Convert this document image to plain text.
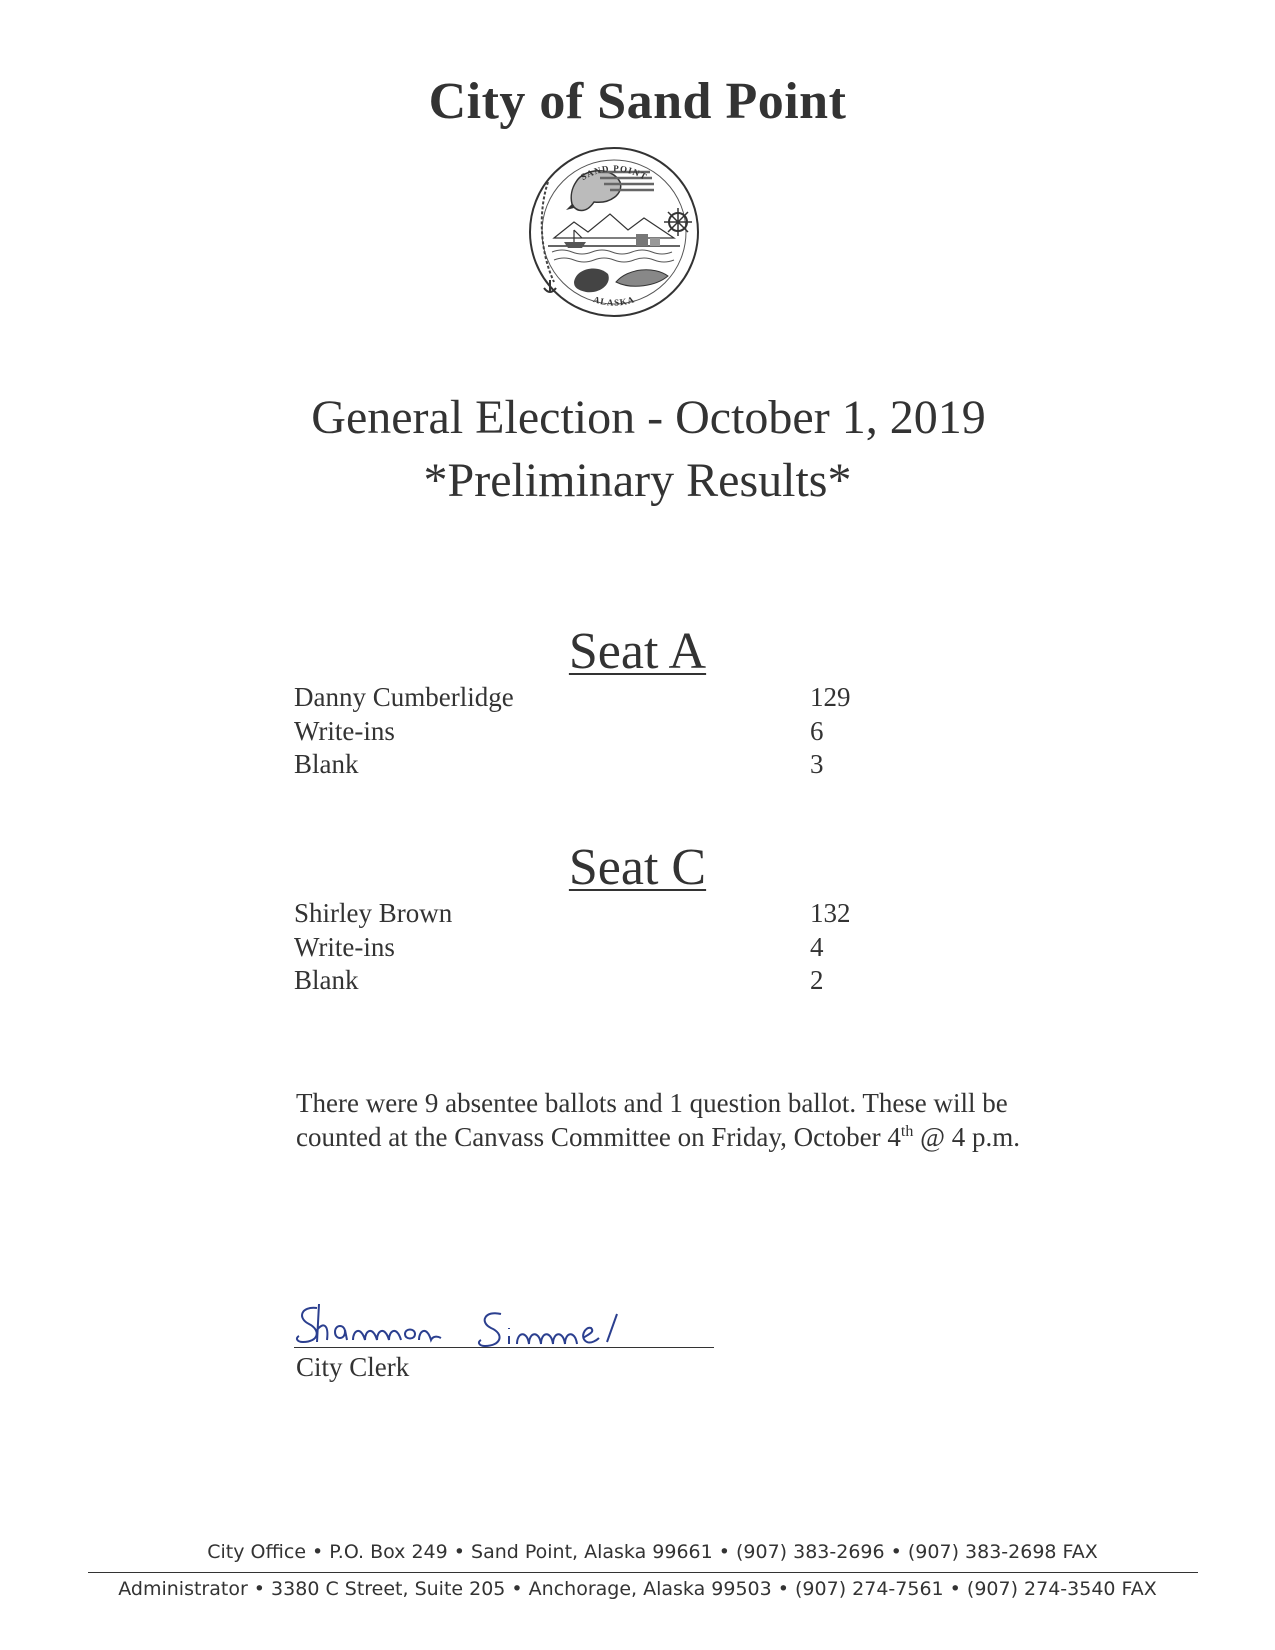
City of Sand Point
SAND POINT
ALASKA
General Election - October 1, 2019
*Preliminary Results*
Seat A
Danny Cumberlidge	129
Write-ins	6
Blank	3
Seat C
Shirley Brown	132
Write-ins	4
Blank	2
There were 9 absentee ballots and 1 question ballot. These will be
counted at the Canvass Committee on Friday, October 4th @ 4 p.m.
City Clerk
City Office • P.O. Box 249 • Sand Point, Alaska 99661 • (907) 383-2696 • (907) 383-2698 FAX
Administrator • 3380 C Street, Suite 205 • Anchorage, Alaska 99503 • (907) 274-7561 • (907) 274-3540 FAX
